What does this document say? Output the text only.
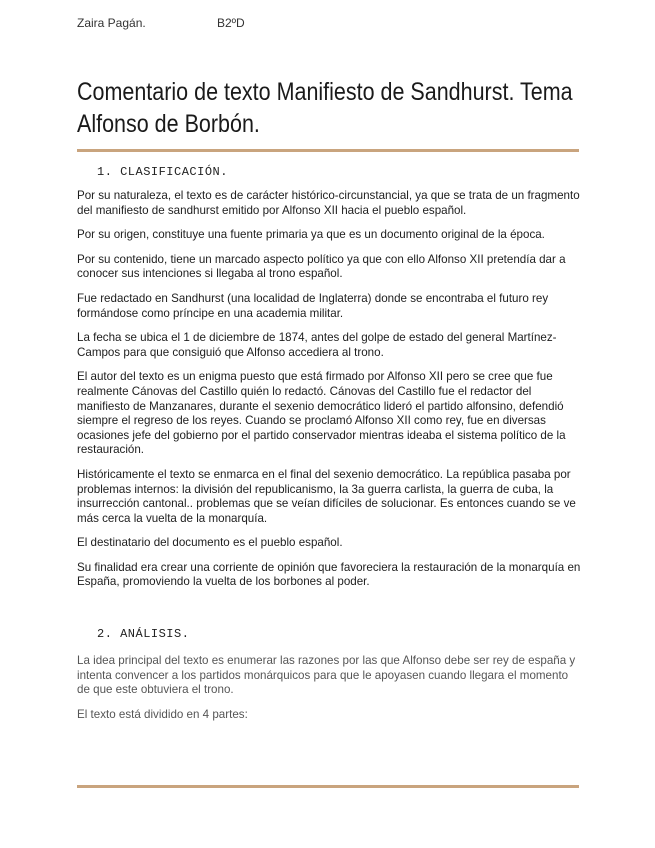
Zaira Pagán.	B2ºD
Comentario de texto Manifiesto de Sandhurst. Tema Alfonso de Borbón.
1. CLASIFICACIÓN.

Por su naturaleza, el texto es de carácter histórico-circunstancial, ya que se trata de un fragmento del manifiesto de sandhurst emitido por Alfonso XII hacia el pueblo español.

Por su origen, constituye una fuente primaria ya que es un documento original de la época.

Por su contenido, tiene un marcado aspecto político ya que con ello Alfonso XII pretendía dar a conocer sus intenciones si llegaba al trono español.

Fue redactado en Sandhurst (una localidad de Inglaterra) donde se encontraba el futuro rey formándose como príncipe en una academia militar.

La fecha se ubica el 1 de diciembre de 1874, antes del golpe de estado del general Martínez-Campos para que consiguió que Alfonso accediera al trono.

El autor del texto es un enigma puesto que está firmado por Alfonso XII pero se cree que fue realmente Cánovas del Castillo quién lo redactó. Cánovas del Castillo fue el redactor del manifiesto de Manzanares, durante el sexenio democrático lideró el partido alfonsino, defendió siempre el regreso de los reyes. Cuando se proclamó Alfonso XII como rey, fue en diversas ocasiones jefe del gobierno por el partido conservador mientras ideaba el sistema político de la restauración.

Históricamente el texto se enmarca en el final del sexenio democrático. La república pasaba por problemas internos: la división del republicanismo, la 3a guerra carlista, la guerra de cuba, la insurrección cantonal.. problemas que se veían difíciles de solucionar. Es entonces cuando se ve más cerca la vuelta de la monarquía.

El destinatario del documento es el pueblo español.

Su finalidad era crear una corriente de opinión que favoreciera la restauración de la monarquía en España, promoviendo la vuelta de los borbones al poder.

2. ANÁLISIS.

La idea principal del texto es enumerar las razones por las que Alfonso debe ser rey de españa y intenta convencer a los partidos monárquicos para que le apoyasen cuando llegara el momento de que este obtuviera el trono.

El texto está dividido en 4 partes:
